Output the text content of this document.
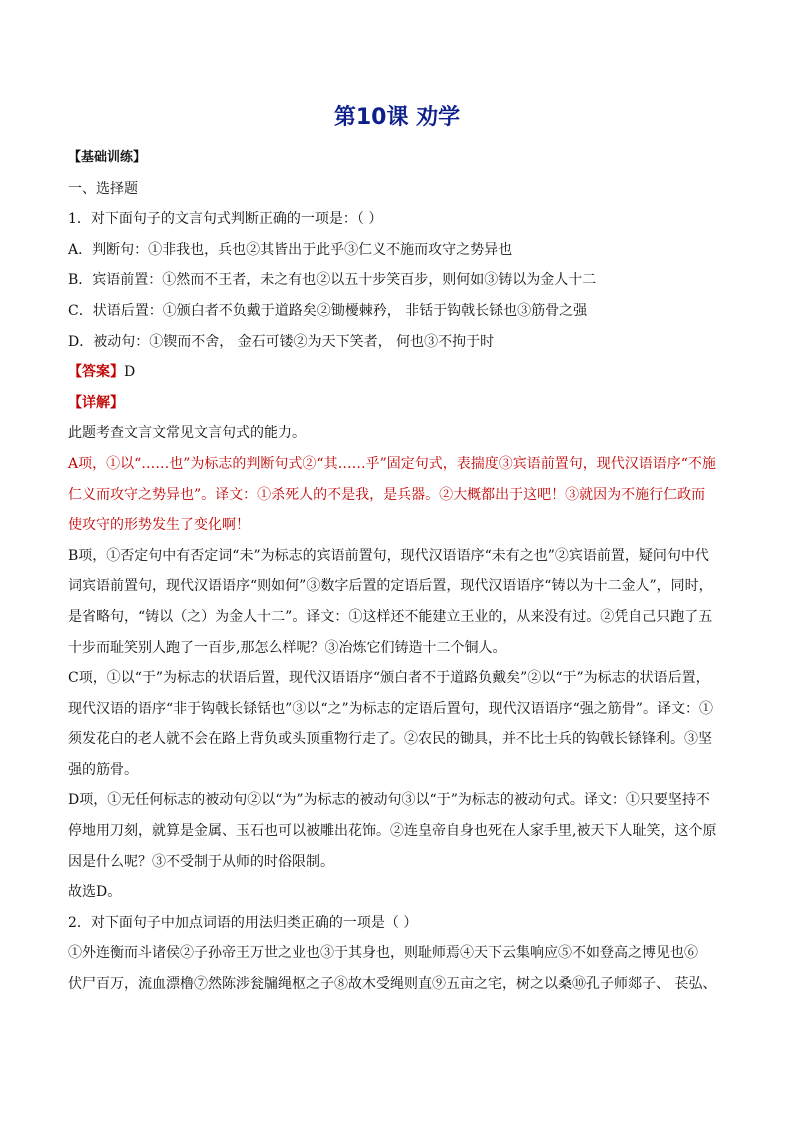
第10课 劝学
【基础训练】
一、选择题
1．对下面句子的文言句式判断正确的一项是：（ ）
A．判断句：①非我也，兵也②其皆出于此乎③仁义不施而攻守之势异也
B．宾语前置：①然而不王者，未之有也②以五十步笑百步，则何如③铸以为金人十二
C．状语后置：①颁白者不负戴于道路矣②锄櫌棘矜， 非铦于钩戟长铩也③筋骨之强
D．被动句：①锲而不舍， 金石可镂②为天下笑者， 何也③不拘于时
【答案】D
【详解】
此题考查文言文常见文言句式的能力。
A项，①以“……也”为标志的判断句式②“其……乎”固定句式，表揣度③宾语前置句，现代汉语语序“不施
仁义而攻守之势异也”。译文：①杀死人的不是我，是兵器。②大概都出于这吧！③就因为不施行仁政而
使攻守的形势发生了变化啊！
B项，①否定句中有否定词“未”为标志的宾语前置句，现代汉语语序“未有之也”②宾语前置，疑问句中代
词宾语前置句，现代汉语语序“则如何”③数字后置的定语后置，现代汉语语序“铸以为十二金人”，同时，
是省略句，“铸以（之）为金人十二”。译文：①这样还不能建立王业的，从来没有过。②凭自己只跑了五
十步而耻笑别人跑了一百步,那怎么样呢？③冶炼它们铸造十二个铜人。
C项，①以“于”为标志的状语后置，现代汉语语序“颁白者不于道路负戴矣”②以“于”为标志的状语后置，
现代汉语的语序“非于钩戟长铩铦也”③以“之”为标志的定语后置句，现代汉语语序“强之筋骨”。译文：①
须发花白的老人就不会在路上背负或头顶重物行走了。②农民的锄具，并不比士兵的钩戟长铩锋利。③坚
强的筋骨。
D项，①无任何标志的被动句②以“为”为标志的被动句③以“于”为标志的被动句式。译文：①只要坚持不
停地用刀刻，就算是金属、玉石也可以被雕出花饰。②连皇帝自身也死在人家手里,被天下人耻笑，这个原
因是什么呢？③不受制于从师的时俗限制。
故选D。
2．对下面句子中加点词语的用法归类正确的一项是（ ）
①外连衡而斗诸侯②子孙帝王万世之业也③于其身也，则耻师焉④天下云集响应⑤不如登高之博见也⑥
伏尸百万，流血漂橹⑦然陈涉瓮牖绳枢之子⑧故木受绳则直⑨五亩之宅，树之以桑⑩孔子师郯子、 苌弘、
